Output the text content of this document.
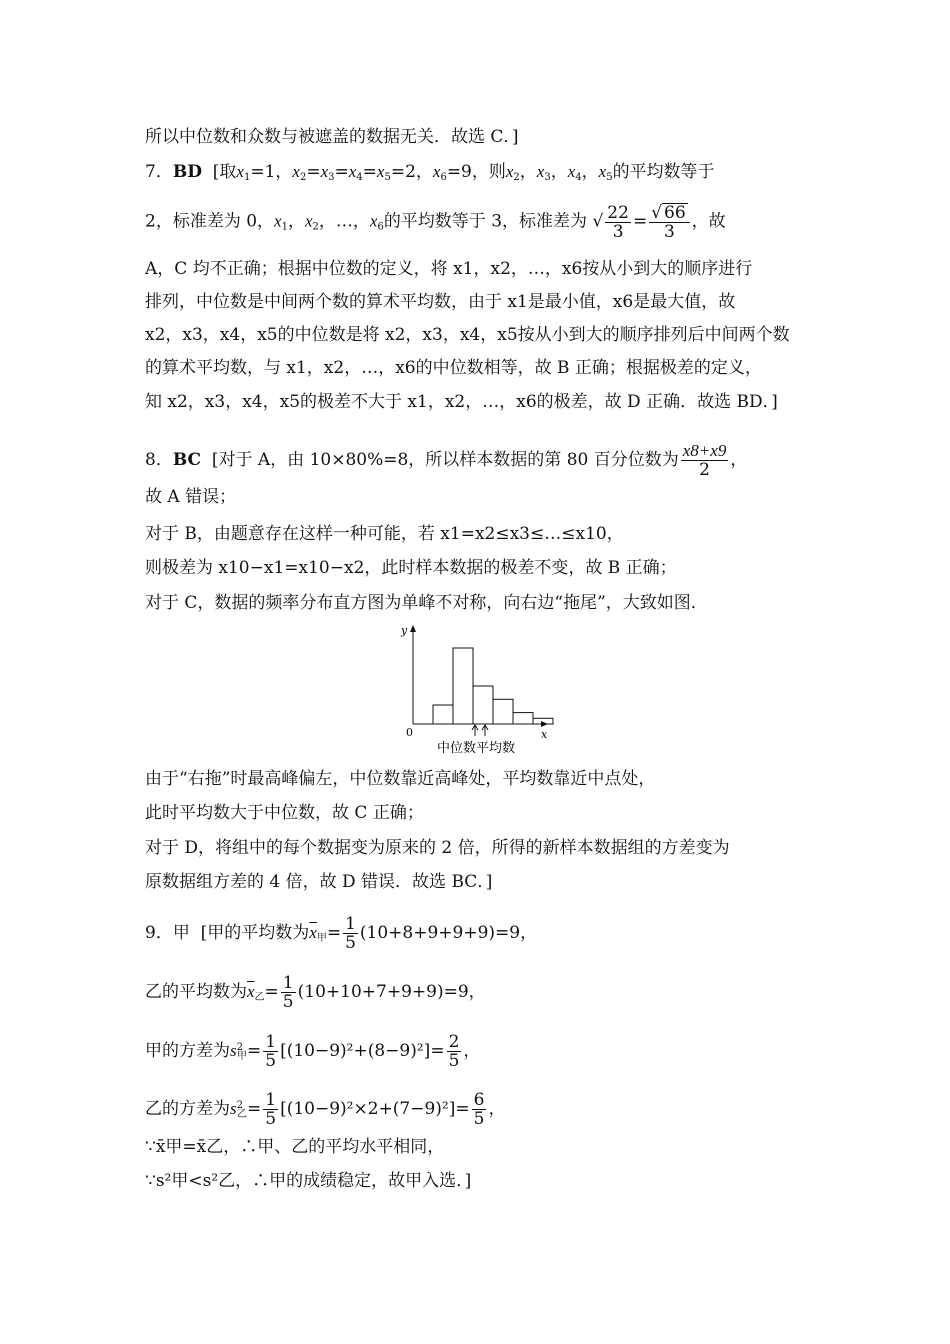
所以中位数和众数与被遮盖的数据无关．故选 C．]
7．BD [取$x_1=1$，$x_2=x_3=x_4=x_5=2$，$x_6=9$，则$x_2$，$x_3$，$x_4$，$x_5$的平均数等于
2，标准差为 0，$x_1$，$x_2$，…，$x_6$的平均数等于 3，标准差为 √ $\frac{22}{3} = \frac{√ 66}{3}$ ，故
A，C 均不正确；根据中位数的定义，将 x1，x2，…，x6按从小到大的顺序进行
排列，中位数是中间两个数的算术平均数，由于 x1是最小值，x6是最大值，故
x2，x3，x4，x5的中位数是将 x2，x3，x4，x5按从小到大的顺序排列后中间两个数
的算术平均数，与 x1，x2，…，x6的中位数相等，故 B 正确；根据极差的定义，
知 x2，x3，x4，x5的极差不大于 x1，x2，…，x6的极差，故 D 正确．故选 BD．]
8．BC [对于 A，由 10×80%=8，所以样本数据的第 80 百分位数为 $\frac{x8+x9}{2}$ ，
故 A 错误；
对于 B，由题意存在这样一种可能，若 x1=x2≤x3≤…≤x10，
则极差为 x10−x1=x10−x2，此时样本数据的极差不变，故 B 正确；
对于 C，数据的频率分布直方图为单峰不对称，向右边“拖尾”，大致如图．
y
x
0
中位数平均数
由于“右拖”时最高峰偏左，中位数靠近高峰处，平均数靠近中点处，
此时平均数大于中位数，故 C 正确；
对于 D，将组中的每个数据变为原来的 2 倍，所得的新样本数据组的方差变为
原数据组方差的 4 倍，故 D 错误．故选 BC．]
9．甲 [甲的平均数为$\overline{x}_甲= \frac{1}{5} (10+8+9+9+9)=9$，
乙的平均数为$\overline{x}_乙= \frac{1}{5} (10+10+7+9+9)=9$，
甲的方差为$s^2_甲= \frac{1}{5} [(10-9)^2+(8-9)^2]= \frac{2}{5}$ ，
乙的方差为$s^2_乙= \frac{1}{5} [(10-9)^2\times 2+(7-9)^2]= \frac{6}{5}$ ，
∵x̄甲=x̄乙，∴甲、乙的平均水平相同，
∵s²甲<s²乙，∴甲的成绩稳定，故甲入选．]
